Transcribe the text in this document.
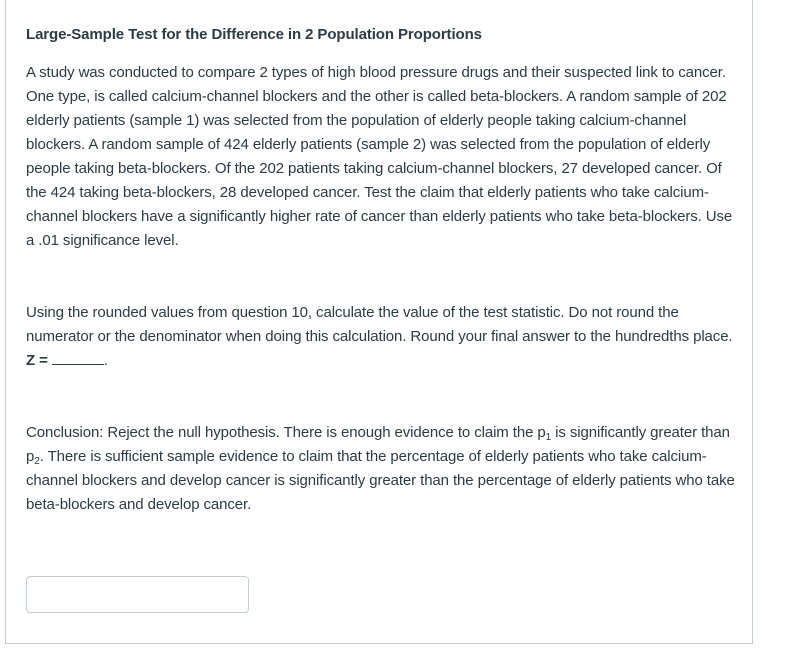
Large-Sample Test for the Difference in 2 Population Proportions

A study was conducted to compare 2 types of high blood pressure drugs and their suspected link to cancer. One type, is called calcium-channel blockers and the other is called beta-blockers. A random sample of 202 elderly patients (sample 1) was selected from the population of elderly people taking calcium-channel blockers. A random sample of 424 elderly patients (sample 2) was selected from the population of elderly people taking beta-blockers. Of the 202 patients taking calcium-channel blockers, 27 developed cancer. Of the 424 taking beta-blockers, 28 developed cancer. Test the claim that elderly patients who take calcium-channel blockers have a significantly higher rate of cancer than elderly patients who take beta-blockers. Use a .01 significance level.

Using the rounded values from question 10, calculate the value of the test statistic. Do not round the numerator or the denominator when doing this calculation. Round your final answer to the hundredths place. Z =	.

Conclusion: Reject the null hypothesis. There is enough evidence to claim the $p_1$ is significantly greater than $p_2$. There is sufficient sample evidence to claim that the percentage of elderly patients who take calcium-channel blockers and develop cancer is significantly greater than the percentage of elderly patients who take beta-blockers and develop cancer.
